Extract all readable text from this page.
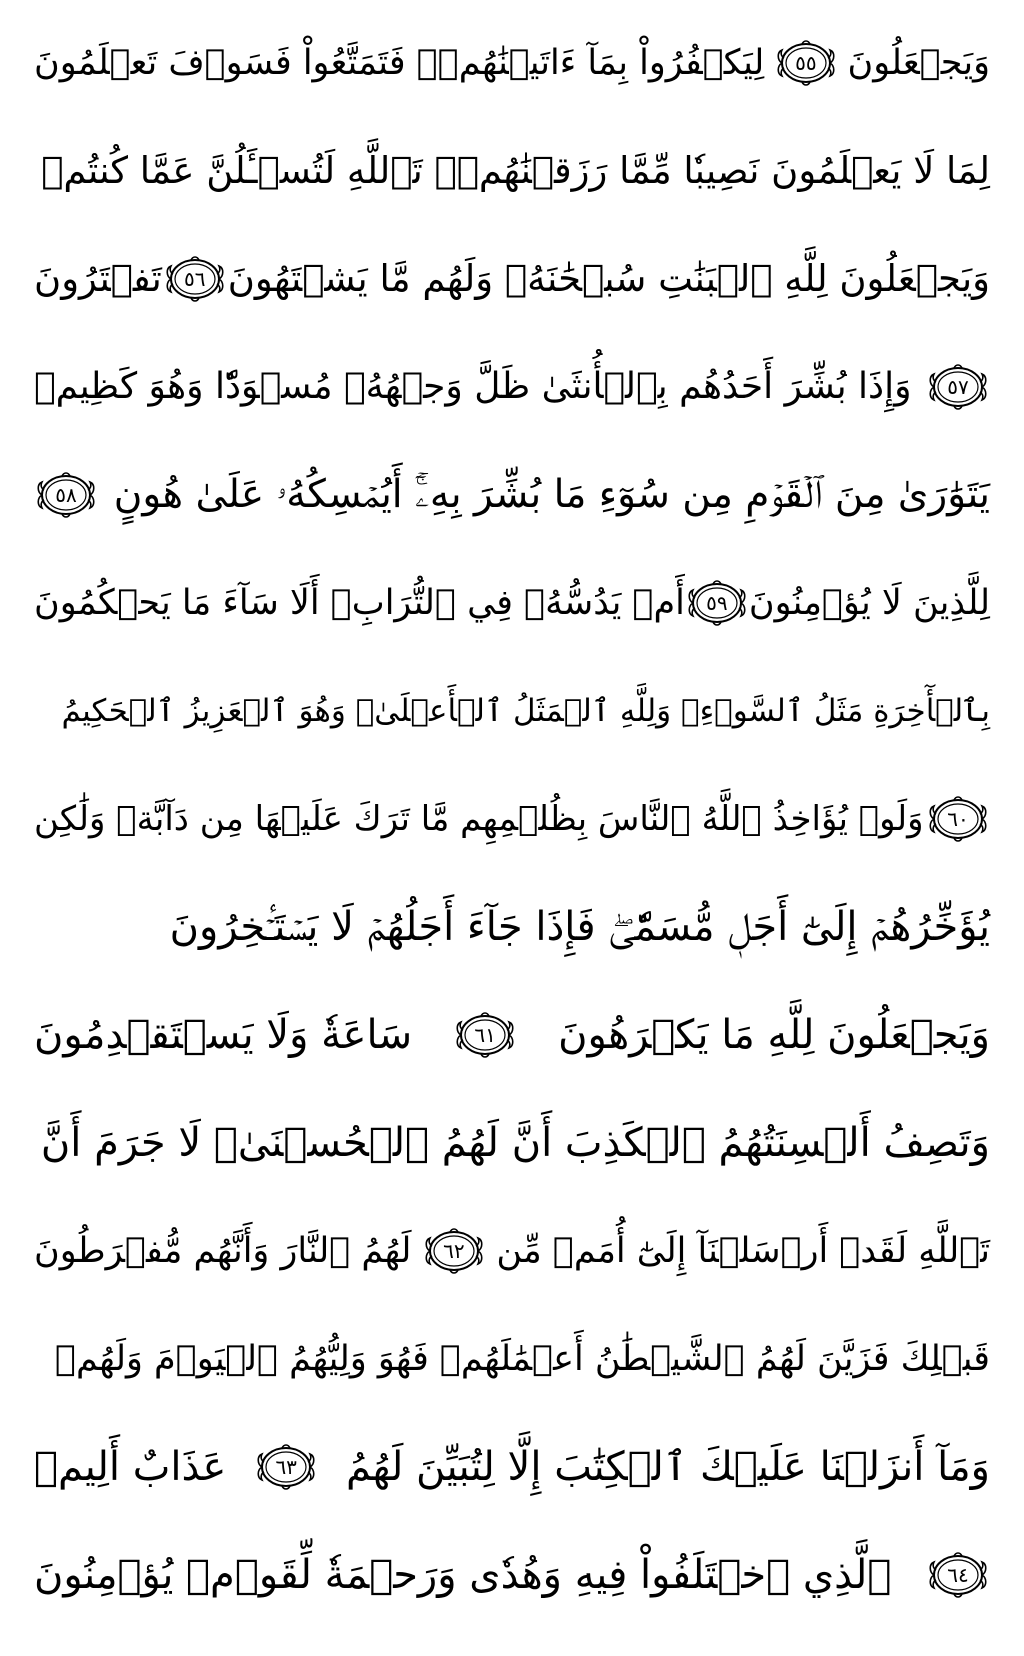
وَيَجۡعَلُونَ
٥٥
لِيَكۡفُرُواْ بِمَآ ءَاتَيۡنَٰهُمۡۚ فَتَمَتَّعُواْ فَسَوۡفَ تَعۡلَمُونَ
لِمَا لَا يَعۡلَمُونَ نَصِيبٗا مِّمَّا رَزَقۡنَٰهُمۡۗ تَٱللَّهِ لَتُسۡـَٔلُنَّ عَمَّا كُنتُمۡ
وَيَجۡعَلُونَ لِلَّهِ ٱلۡبَنَٰتِ سُبۡحَٰنَهُۥ وَلَهُم مَّا يَشۡتَهُونَ
٥٦
تَفۡتَرُونَ
٥٧
وَإِذَا بُشِّرَ أَحَدُهُم بِٱلۡأُنثَىٰ ظَلَّ وَجۡهُهُۥ مُسۡوَدّٗا وَهُوَ كَظِيمٞ
يَتَوَٰرَىٰ مِنَ ٱلۡقَوۡمِ مِن سُوٓءِ مَا بُشِّرَ بِهِۦٓۚ أَيُمۡسِكُهُۥ عَلَىٰ هُونٍ
٥٨
لِلَّذِينَ لَا يُؤۡمِنُونَ
٥٩
أَمۡ يَدُسُّهُۥ فِي ٱلتُّرَابِۗ أَلَا سَآءَ مَا يَحۡكُمُونَ
بِٱلۡأٓخِرَةِ مَثَلُ ٱلسَّوۡءِۖ وَلِلَّهِ ٱلۡمَثَلُ ٱلۡأَعۡلَىٰۚ وَهُوَ ٱلۡعَزِيزُ ٱلۡحَكِيمُ
٦٠
وَلَوۡ يُؤَاخِذُ ٱللَّهُ ٱلنَّاسَ بِظُلۡمِهِم مَّا تَرَكَ عَلَيۡهَا مِن دَآبَّةٖ وَلَٰكِن
يُؤَخِّرُهُمۡ إِلَىٰٓ أَجَلٖ مُّسَمّٗىۖ فَإِذَا جَآءَ أَجَلُهُمۡ لَا يَسۡتَـٔۡخِرُونَ
وَيَجۡعَلُونَ لِلَّهِ مَا يَكۡرَهُونَ
٦١
سَاعَةٗ وَلَا يَسۡتَقۡدِمُونَ
وَتَصِفُ أَلۡسِنَتُهُمُ ٱلۡكَذِبَ أَنَّ لَهُمُ ٱلۡحُسۡنَىٰۖ لَا جَرَمَ أَنَّ
تَٱللَّهِ لَقَدۡ أَرۡسَلۡنَآ إِلَىٰٓ أُمَمٖ مِّن
٦٢
لَهُمُ ٱلنَّارَ وَأَنَّهُم مُّفۡرَطُونَ
قَبۡلِكَ فَزَيَّنَ لَهُمُ ٱلشَّيۡطَٰنُ أَعۡمَٰلَهُمۡ فَهُوَ وَلِيُّهُمُ ٱلۡيَوۡمَ وَلَهُمۡ
وَمَآ أَنزَلۡنَا عَلَيۡكَ ٱلۡكِتَٰبَ إِلَّا لِتُبَيِّنَ لَهُمُ
٦٣
عَذَابٌ أَلِيمٞ
٦٤
ٱلَّذِي ٱخۡتَلَفُواْ فِيهِ وَهُدٗى وَرَحۡمَةٗ لِّقَوۡمٖ يُؤۡمِنُونَ
